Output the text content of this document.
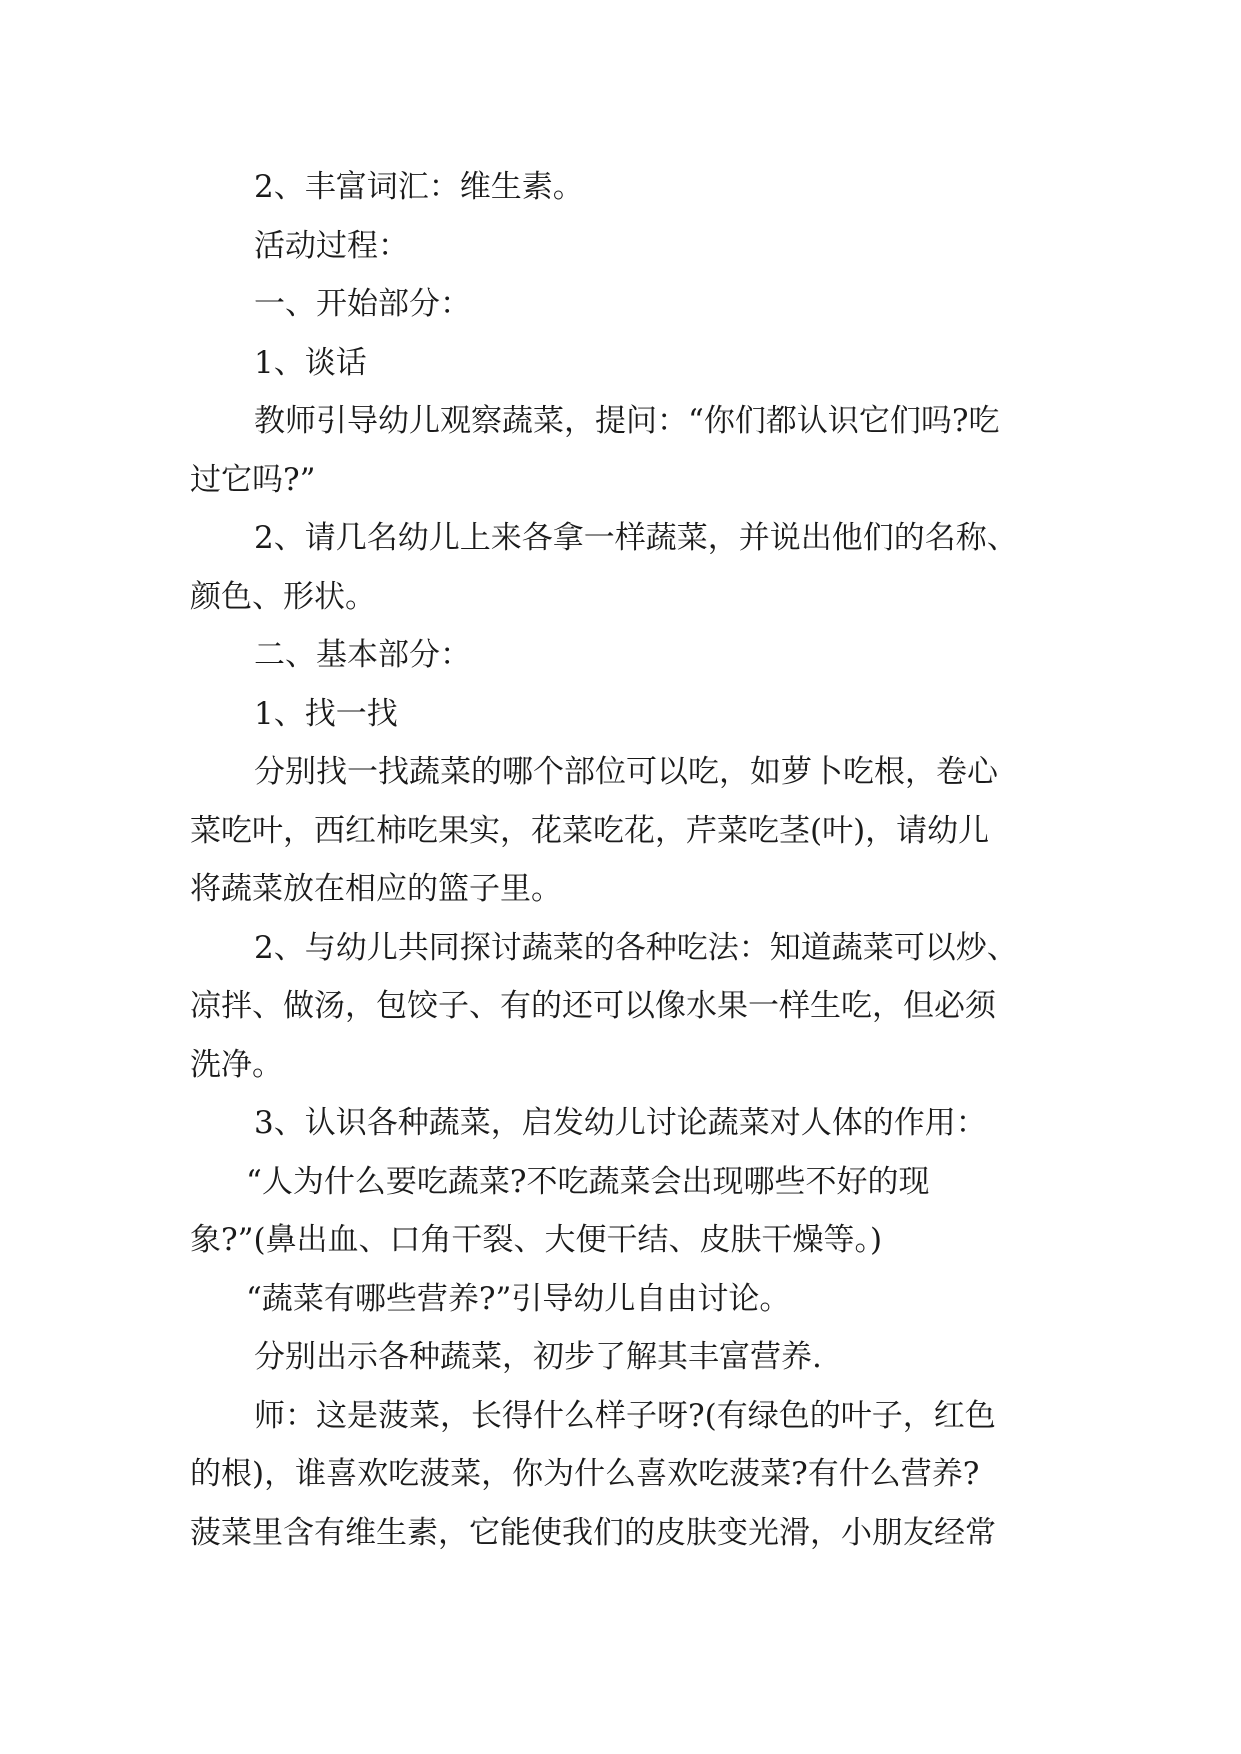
2、丰富词汇：维生素。

活动过程：

一、开始部分：

1、谈话

教师引导幼儿观察蔬菜，提问：“你们都认识它们吗?吃

过它吗?”

2、请几名幼儿上来各拿一样蔬菜，并说出他们的名称、

颜色、形状。

二、基本部分：

1、找一找

分别找一找蔬菜的哪个部位可以吃，如萝卜吃根，卷心

菜吃叶，西红柿吃果实，花菜吃花，芹菜吃茎(叶)，请幼儿

将蔬菜放在相应的篮子里。

2、与幼儿共同探讨蔬菜的各种吃法：知道蔬菜可以炒、

凉拌、做汤，包饺子、有的还可以像水果一样生吃，但必须

洗净。

3、认识各种蔬菜，启发幼儿讨论蔬菜对人体的作用：

“人为什么要吃蔬菜?不吃蔬菜会出现哪些不好的现

象?”(鼻出血、口角干裂、大便干结、皮肤干燥等。)

“蔬菜有哪些营养?”引导幼儿自由讨论。

分别出示各种蔬菜，初步了解其丰富营养.

师：这是菠菜，长得什么样子呀?(有绿色的叶子，红色

的根)，谁喜欢吃菠菜，你为什么喜欢吃菠菜?有什么营养?

菠菜里含有维生素，它能使我们的皮肤变光滑，小朋友经常
